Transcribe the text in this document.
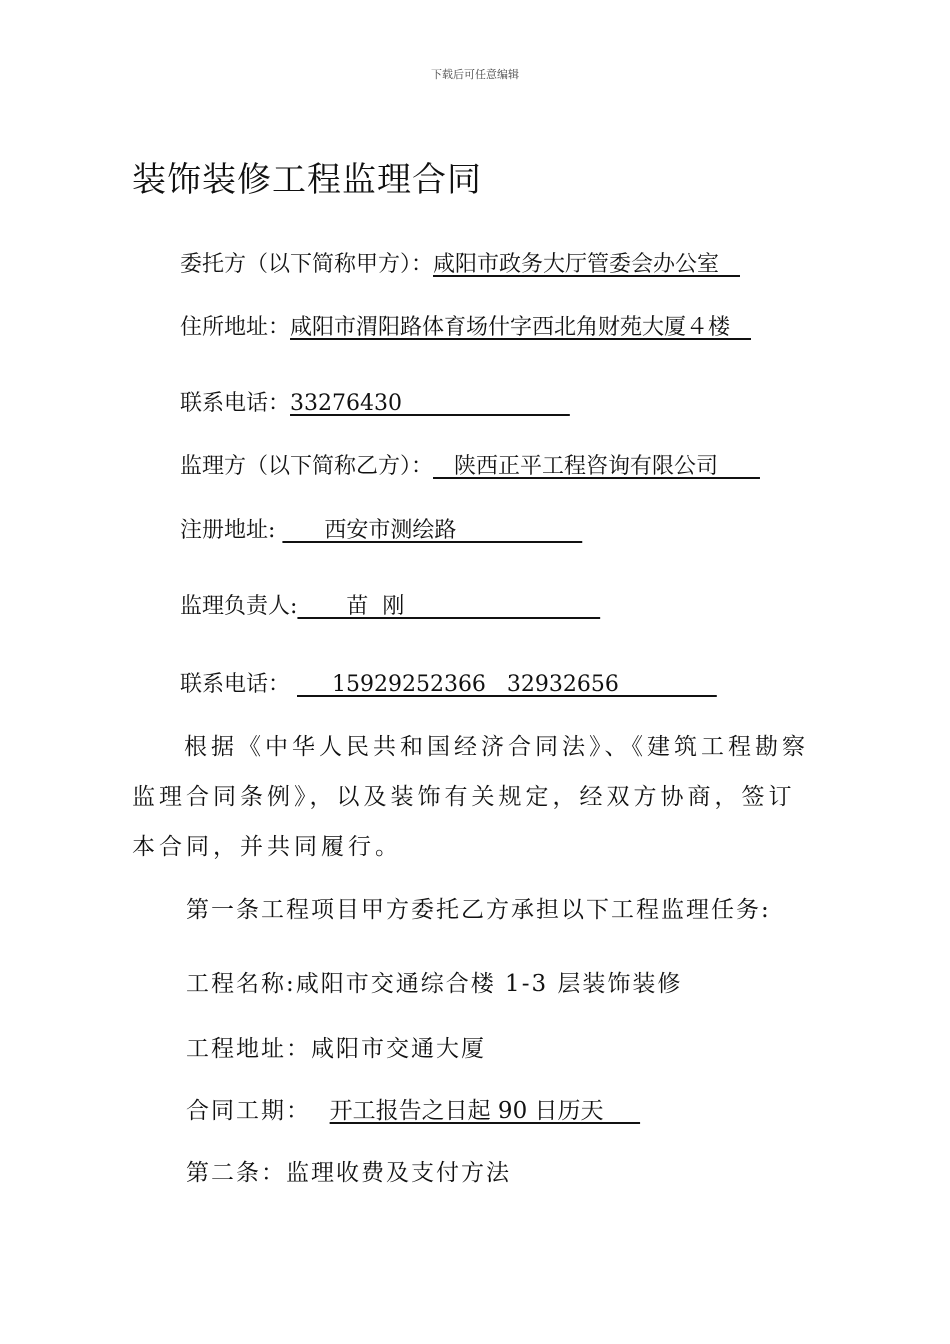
下载后可任意编辑
装饰装修工程监理合同
委托方（以下简称甲方）：咸阳市政务大厅管委会办公室
住所地址：咸阳市渭阳路体育场什字西北角财苑大厦４楼
联系电话：33276430
监理方（以下简称乙方）：   陕西正平工程咨询有限公司
注册地址:       西安市测绘路
监理负责人:       苗  刚
联系电话：      15929252366   32932656
根据《中华人民共和国经济合同法》、《建筑工程勘察监理合同条例》，以及装饰有关规定，经双方协商，签订本合同，并共同履行。
第一条工程项目甲方委托乙方承担以下工程监理任务:
工程名称:咸阳市交通综合楼 1-3 层装饰装修
工程地址：咸阳市交通大厦
合同工期：  开工报告之日起 90 日历天
第二条：监理收费及支付方法
